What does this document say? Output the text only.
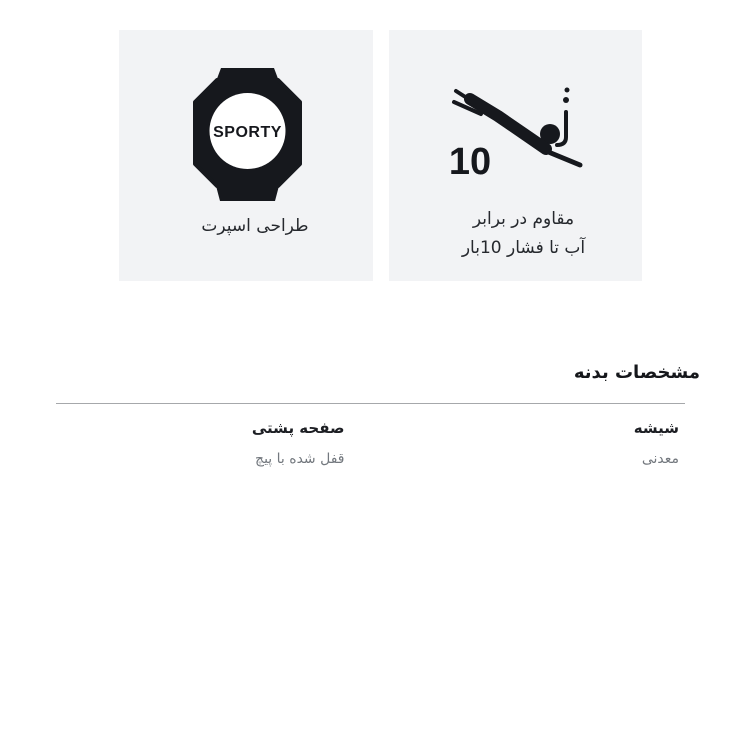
SPORTY
طراحی اسپرت
10
مقاوم در برابر
آب تا فشار 10بار
مشخصات بدنه
شیشه
معدنی
صفحه پشتی
قفل شده با پیچ
